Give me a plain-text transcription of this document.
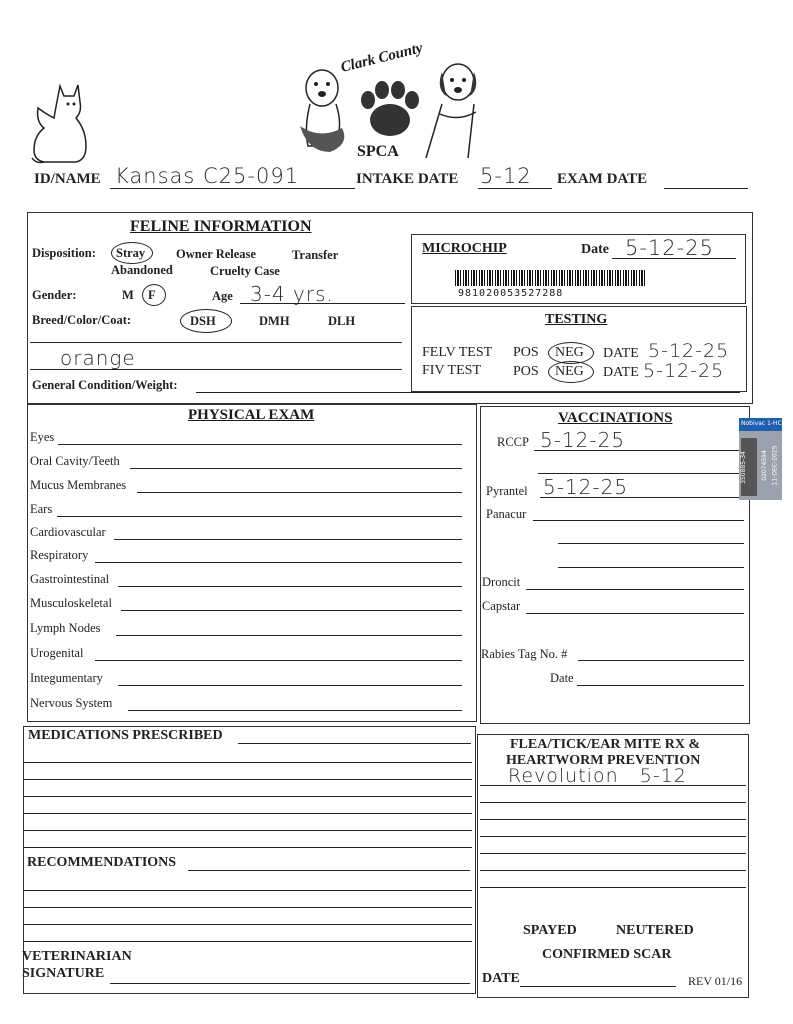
Clark County
SPCA
ID/NAME Kansas C25-091	INTAKE DATE 5-12 EXAM DATE
FELINE INFORMATION
Disposition: Stray Owner Release	Transfer
Abandoned	Cruelty Case
Gender:	M F	Age 3-4 yrs.
Breed/Color/Coat:	DSH	DMH	DLH
orange
General Condition/Weight:
MICROCHIP	Date 5-12-25
981020053527288
TESTING
FELV TEST POS NEG DATE 5-12-25
FIV TEST POS NEG DATE 5-12-25
PHYSICAL EXAM
Eyes
Oral Cavity/Teeth
Mucus Membranes
Ears
Cardiovascular
Respiratory
Gastrointestinal
Musculoskeletal
Lymph Nodes
Urogenital
Integumentary
Nervous System
VACCINATIONS
RCCP 5-12-25
Pyrantel 5-12-25
Panacur
Droncit
Capstar
Rabies Tag No. #
Date
Nobivac 1-HCPCh
350885-34 02074594 11-DEC-2025
MEDICATIONS PRESCRIBED
RECOMMENDATIONS
VETERINARIAN
SIGNATURE
FLEA/TICK/EAR MITE RX &
HEARTWORM PREVENTION
Revolution   5-12
SPAYED	NEUTERED
CONFIRMED SCAR
DATE	REV 01/16
